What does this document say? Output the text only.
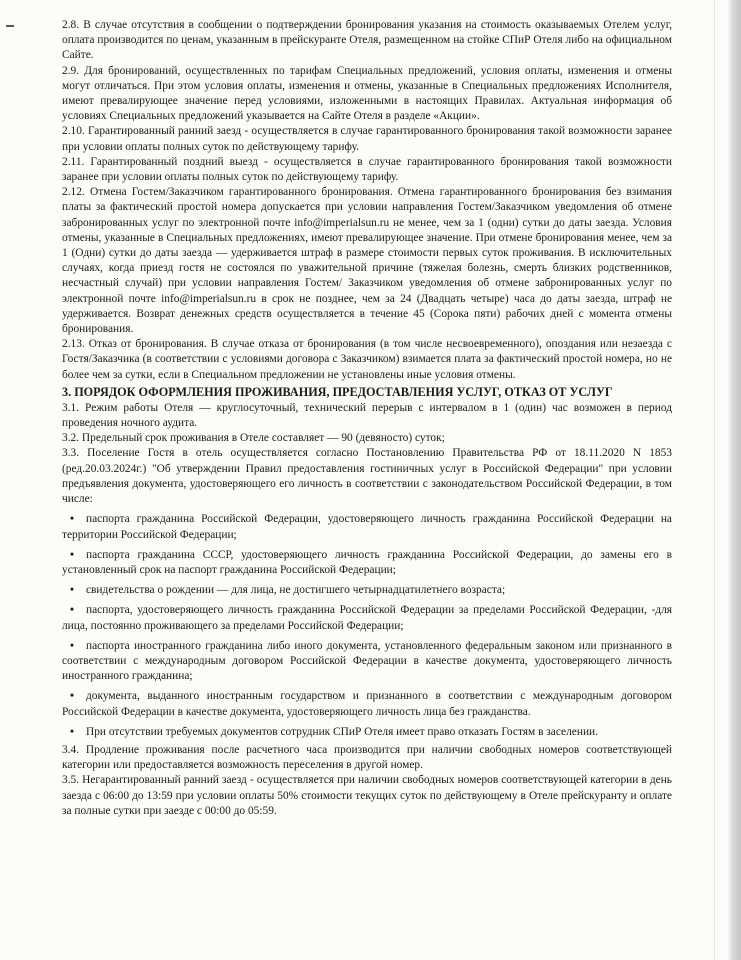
2.8. В случае отсутствия в сообщении о подтверждении бронирования указания на стоимость оказываемых Отелем услуг, оплата производится по ценам, указанным в прейскуранте Отеля, размещенном на стойке СПиР Отеля либо на официальном Сайте.

2.9. Для бронирований, осуществленных по тарифам Специальных предложений, условия оплаты, изменения и отмены могут отличаться. При этом условия оплаты, изменения и отмены, указанные в Специальных предложениях Исполнителя, имеют превалирующее значение перед условиями, изложенными в настоящих Правилах. Актуальная информация об условиях Специальных предложений указывается на Сайте Отеля в разделе «Акции».

2.10. Гарантированный ранний заезд - осуществляется в случае гарантированного бронирования такой возможности заранее при условии оплаты полных суток по действующему тарифу.

2.11. Гарантированный поздний выезд - осуществляется в случае гарантированного бронирования такой возможности заранее при условии оплаты полных суток по действующему тарифу.

2.12. Отмена Гостем/Заказчиком гарантированного бронирования. Отмена гарантированного бронирования без взимания платы за фактический простой номера допускается при условии направления Гостем/Заказчиком уведомления об отмене забронированных услуг по электронной почте info@imperialsun.ru не менее, чем за 1 (одни) сутки до даты заезда. Условия отмены, указанные в Специальных предложениях, имеют превалирующее значение. При отмене бронирования менее, чем за 1 (Одни) сутки до даты заезда — удерживается штраф в размере стоимости первых суток проживания. В исключительных случаях, когда приезд гостя не состоялся по уважительной причине (тяжелая болезнь, смерть близких родственников, несчастный случай) при условии направления Гостем/ Заказчиком уведомления об отмене забронированных услуг по электронной почте info@imperialsun.ru в срок не позднее, чем за 24 (Двадцать четыре) часа до даты заезда, штраф не удерживается. Возврат денежных средств осуществляется в течение 45 (Сорока пяти) рабочих дней с момента отмены бронирования.

2.13. Отказ от бронирования. В случае отказа от бронирования (в том числе несвоевременного), опоздания или незаезда с Гостя/Заказчика (в соответствии с условиями договора с Заказчиком) взимается плата за фактический простой номера, но не более чем за сутки, если в Специальном предложении не установлены иные условия отмены.

3. ПОРЯДОК ОФОРМЛЕНИЯ ПРОЖИВАНИЯ, ПРЕДОСТАВЛЕНИЯ УСЛУГ, ОТКАЗ ОТ УСЛУГ

3.1. Режим работы Отеля — круглосуточный, технический перерыв с интервалом в 1 (один) час возможен в период проведения ночного аудита.

3.2. Предельный срок проживания в Отеле составляет — 90 (девяносто) суток;

3.3. Поселение Гостя в отель осуществляется согласно Постановлению Правительства РФ от 18.11.2020 N 1853 (ред.20.03.2024г.) "Об утверждении Правил предоставления гостиничных услуг в Российской Федерации" при условии предъявления документа, удостоверяющего его личность в соответствии с законодательством Российской Федерации, в том числе:

• паспорта гражданина Российской Федерации, удостоверяющего личность гражданина Российской Федерации на территории Российской Федерации;
• паспорта гражданина СССР, удостоверяющего личность гражданина Российской Федерации, до замены его в установленный срок на паспорт гражданина Российской Федерации;
• свидетельства о рождении — для лица, не достигшего четырнадцатилетнего возраста;
• паспорта, удостоверяющего личность гражданина Российской Федерации за пределами Российской Федерации, -для лица, постоянно проживающего за пределами Российской Федерации;
• паспорта иностранного гражданина либо иного документа, установленного федеральным законом или признанного в соответствии с международным договором Российской Федерации в качестве документа, удостоверяющего личность иностранного гражданина;
• документа, выданного иностранным государством и признанного в соответствии с международным договором Российской Федерации в качестве документа, удостоверяющего личность лица без гражданства.
• При отсутствии требуемых документов сотрудник СПиР Отеля имеет право отказать Гостям в заселении.

3.4. Продление проживания после расчетного часа производится при наличии свободных номеров соответствующей категории или предоставляется возможность переселения в другой номер.

3.5. Негарантированный ранний заезд - осуществляется при наличии свободных номеров соответствующей категории в день заезда с 06:00 до 13:59 при условии оплаты 50% стоимости текущих суток по действующему в Отеле прейскуранту и оплате за полные сутки при заезде с 00:00 до 05:59.
